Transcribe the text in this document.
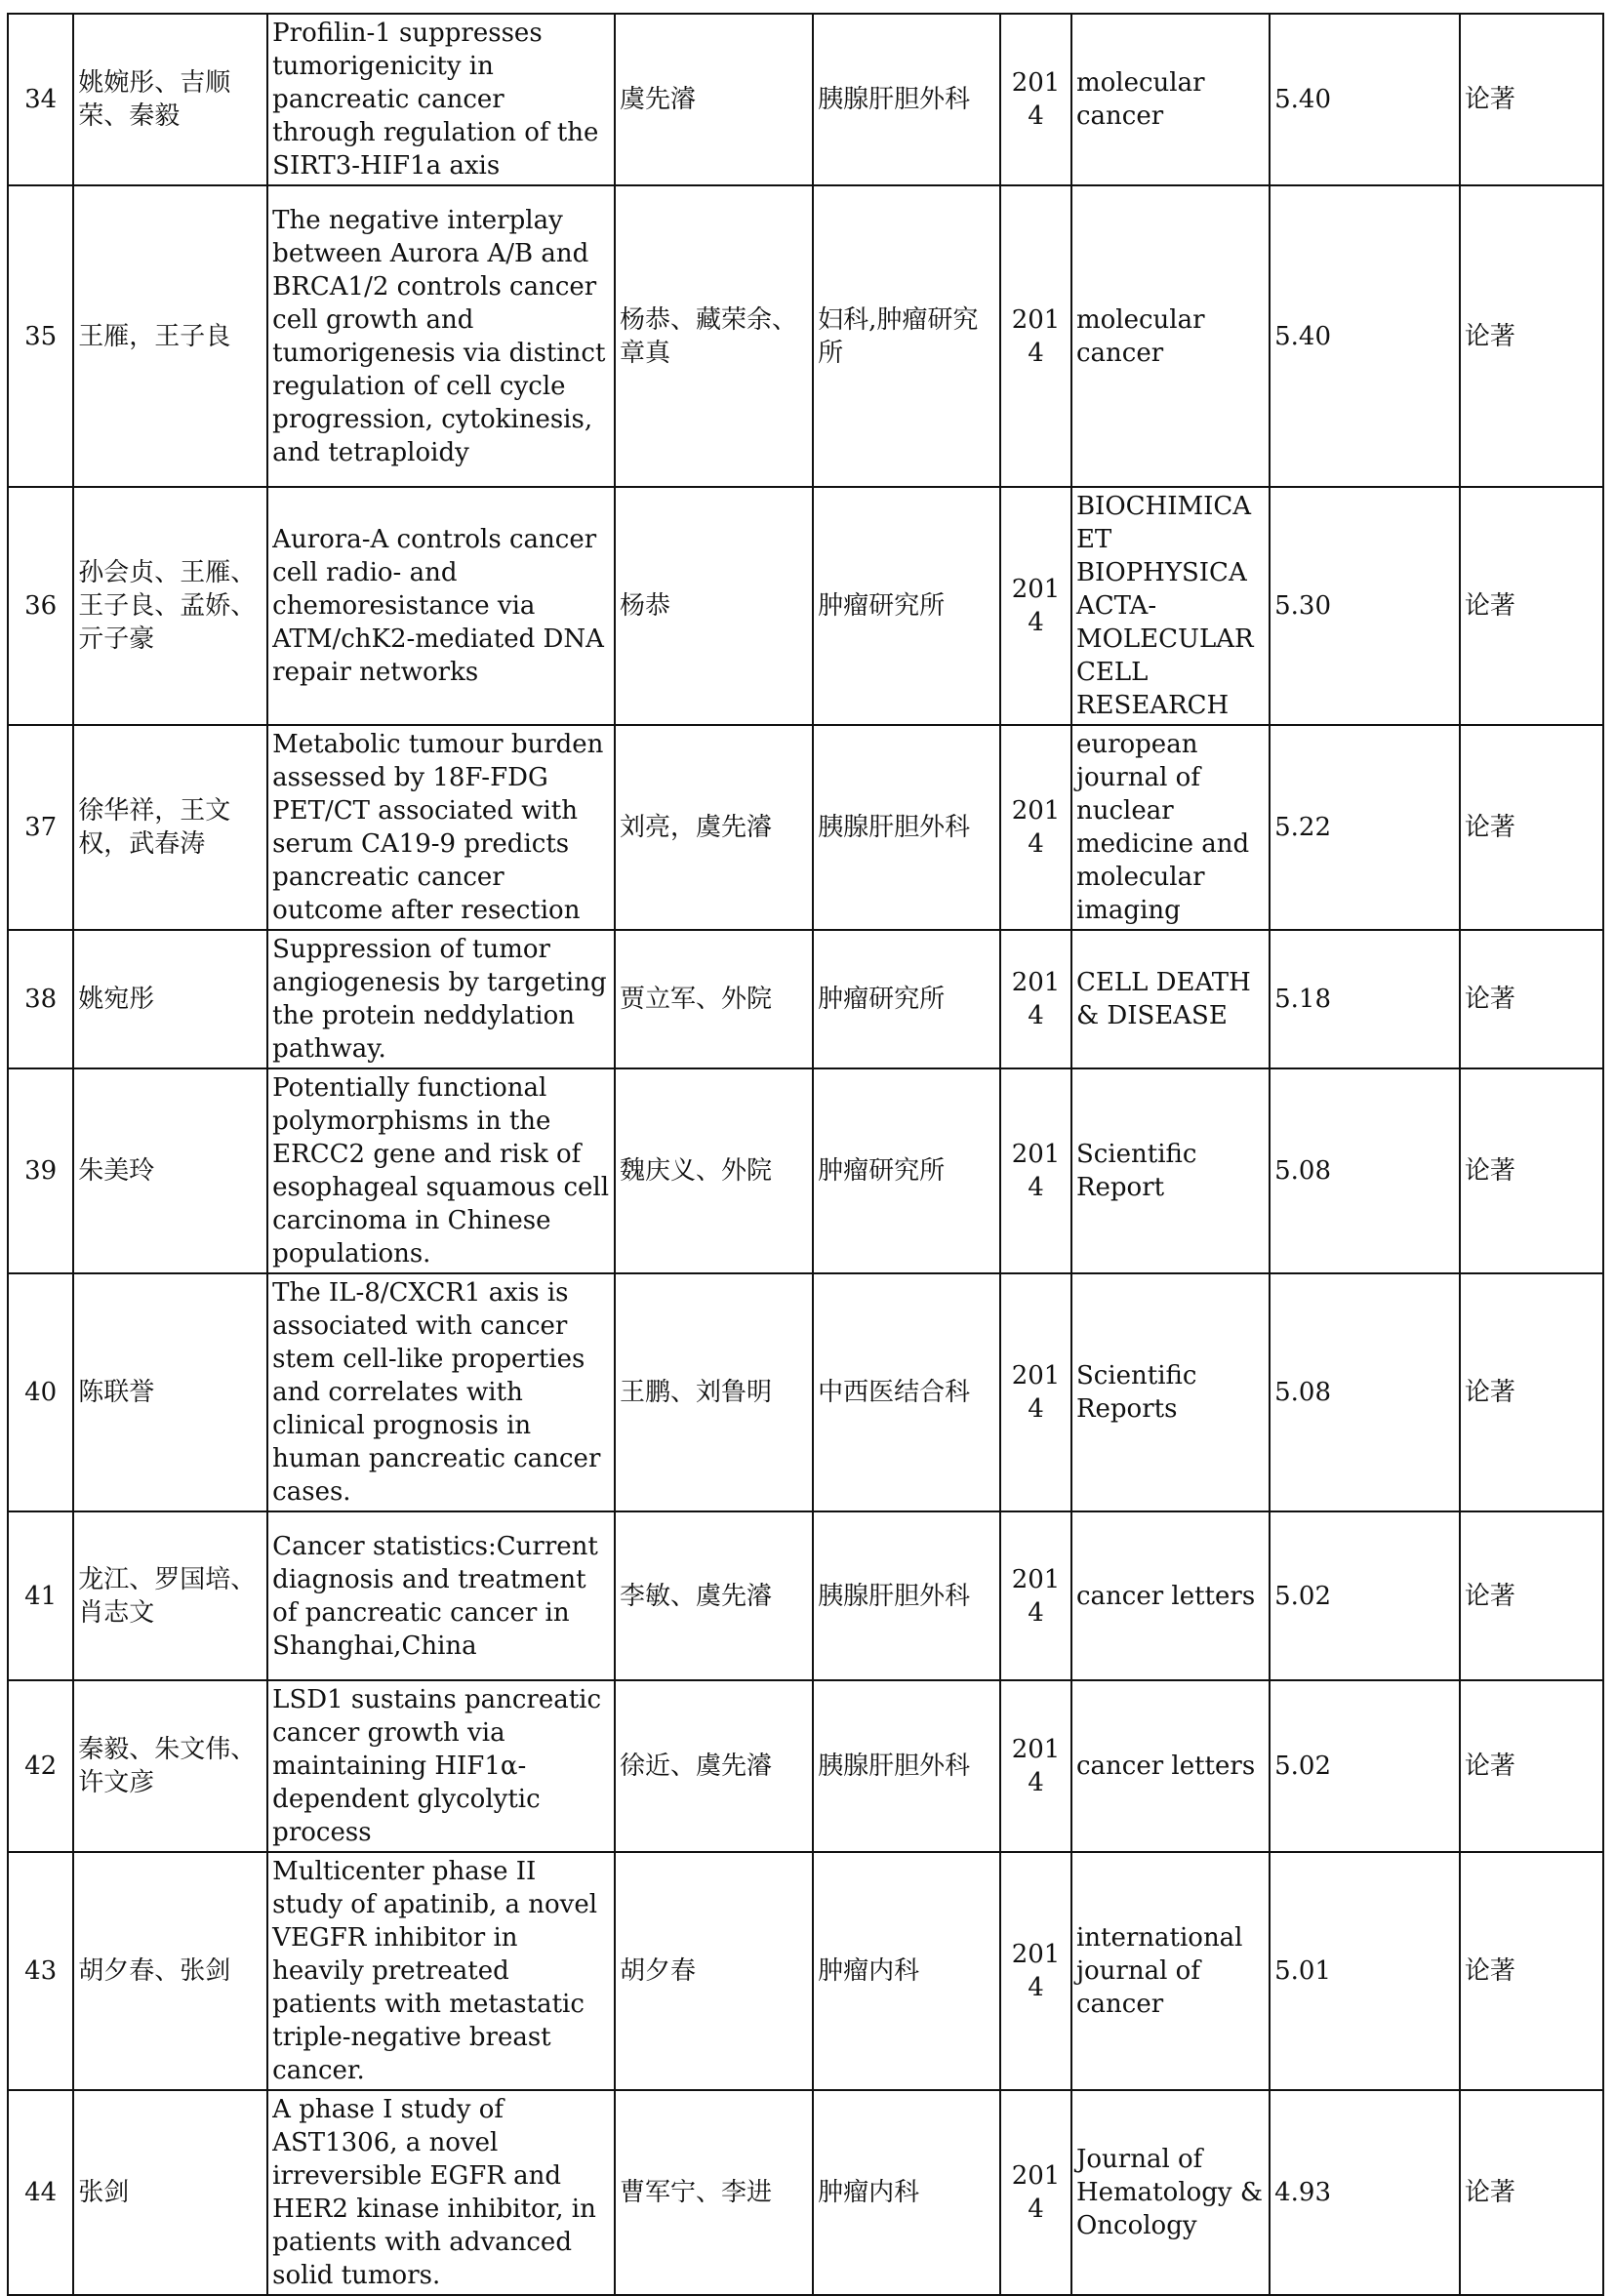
34	姚婉彤、吉顺荣、秦毅	Profilin-1 suppresses tumorigenicity in pancreatic cancer through regulation of the SIRT3-HIF1a axis	虞先濬	胰腺肝胆外科	2014	molecular cancer	5.40	论著
35	王雁，王子良	The negative interplay between Aurora A/B and BRCA1/2 controls cancer cell growth and tumorigenesis via distinct regulation of cell cycle progression, cytokinesis, and tetraploidy	杨恭、藏荣余、章真	妇科,肿瘤研究所	2014	molecular cancer	5.40	论著
36	孙会贞、王雁、王子良、孟娇、亓子豪	Aurora-A controls cancer cell radio- and chemoresistance via ATM/chK2-mediated DNA repair networks	杨恭	肿瘤研究所	2014	BIOCHIMICA ET BIOPHYSICA ACTA-MOLECULAR CELL RESEARCH	5.30	论著
37	徐华祥，王文权，武春涛	Metabolic tumour burden assessed by 18F-FDG PET/CT associated with serum CA19-9 predicts pancreatic cancer outcome after resection	刘亮，虞先濬	胰腺肝胆外科	2014	european journal of nuclear medicine and molecular imaging	5.22	论著
38	姚宛彤	Suppression of tumor angiogenesis by targeting the protein neddylation pathway.	贾立军、外院	肿瘤研究所	2014	CELL DEATH & DISEASE	5.18	论著
39	朱美玲	Potentially functional polymorphisms in the ERCC2 gene and risk of esophageal squamous cell carcinoma in Chinese populations.	魏庆义、外院	肿瘤研究所	2014	Scientific Report	5.08	论著
40	陈联誉	The IL-8/CXCR1 axis is associated with cancer stem cell-like properties and correlates with clinical prognosis in human pancreatic cancer cases.	王鹏、刘鲁明	中西医结合科	2014	Scientific Reports	5.08	论著
41	龙江、罗国培、肖志文	Cancer statistics:Current diagnosis and treatment of pancreatic cancer in Shanghai,China	李敏、虞先濬	胰腺肝胆外科	2014	cancer letters	5.02	论著
42	秦毅、朱文伟、许文彦	LSD1 sustains pancreatic cancer growth via maintaining HIF1α-dependent glycolytic process	徐近、虞先濬	胰腺肝胆外科	2014	cancer letters	5.02	论著
43	胡夕春、张剑	Multicenter phase II study of apatinib, a novel VEGFR inhibitor in heavily pretreated patients with metastatic triple-negative breast cancer.	胡夕春	肿瘤内科	2014	international journal of cancer	5.01	论著
44	张剑	A phase I study of AST1306, a novel irreversible EGFR and HER2 kinase inhibitor, in patients with advanced solid tumors.	曹军宁、李进	肿瘤内科	2014	Journal of Hematology & Oncology	4.93	论著
